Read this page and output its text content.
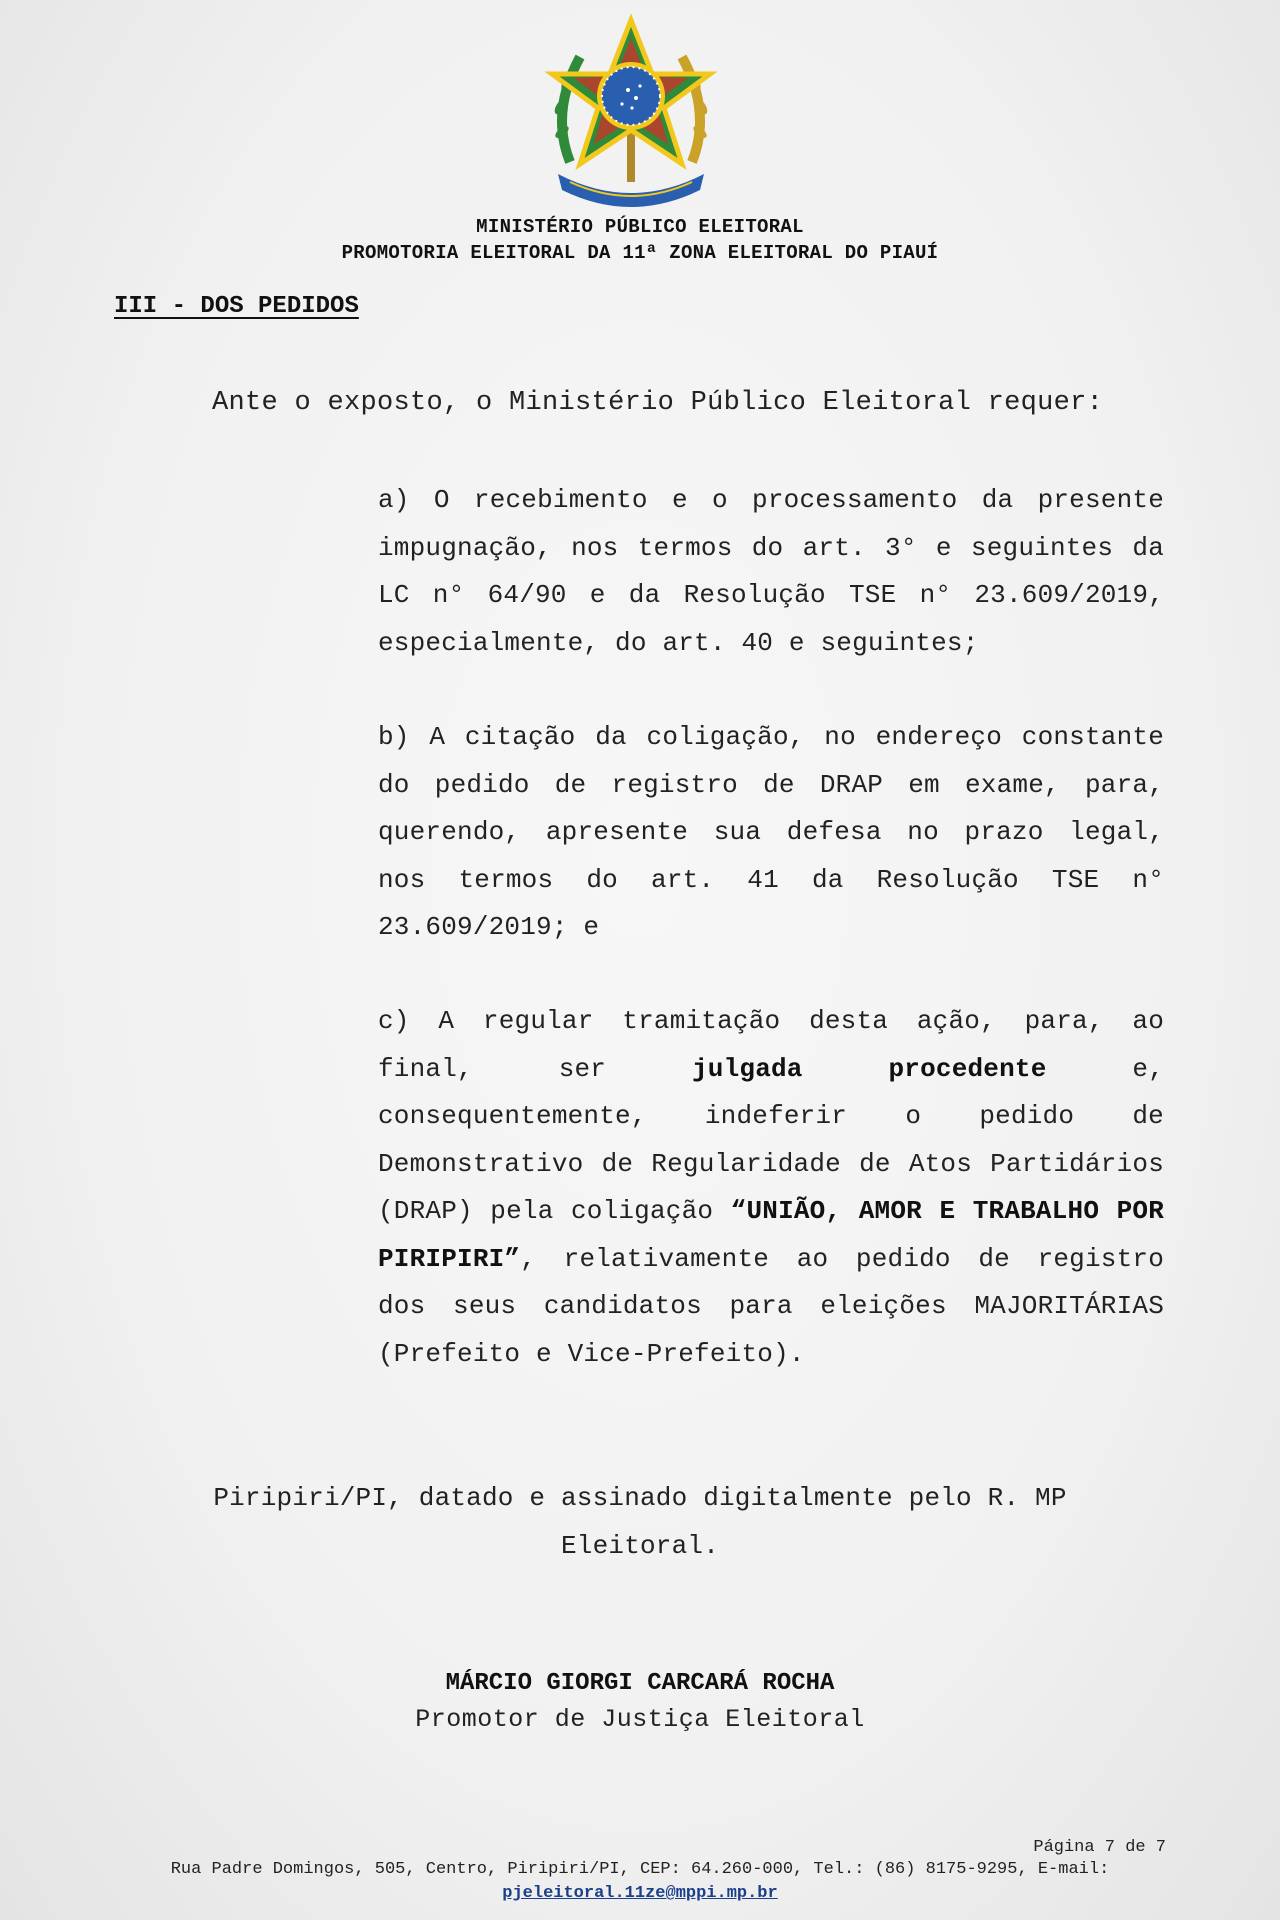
MINISTÉRIO PÚBLICO ELEITORAL
PROMOTORIA ELEITORAL DA 11ª ZONA ELEITORAL DO PIAUÍ
III - DOS PEDIDOS
Ante o exposto, o Ministério Público Eleitoral requer:
a) O recebimento e o processamento da presente impugnação, nos termos do art. 3° e seguintes da LC n° 64/90 e da Resolução TSE n° 23.609/2019, especialmente, do art. 40 e seguintes;
b) A citação da coligação, no endereço constante do pedido de registro de DRAP em exame, para, querendo, apresente sua defesa no prazo legal, nos termos do art. 41 da Resolução TSE n° 23.609/2019; e
c) A regular tramitação desta ação, para, ao final, ser julgada procedente e, consequentemente, indeferir o pedido de Demonstrativo de Regularidade de Atos Partidários (DRAP) pela coligação “UNIÃO, AMOR E TRABALHO POR PIRIPIRI”, relativamente ao pedido de registro dos seus candidatos para eleições MAJORITÁRIAS (Prefeito e Vice-Prefeito).
Piripiri/PI, datado e assinado digitalmente pelo R. MP Eleitoral.
MÁRCIO GIORGI CARCARÁ ROCHA
Promotor de Justiça Eleitoral
Página 7 de 7
Rua Padre Domingos, 505, Centro, Piripiri/PI, CEP: 64.260-000, Tel.: (86) 8175-9295, E-mail:
pjeleitoral.11ze@mppi.mp.br
